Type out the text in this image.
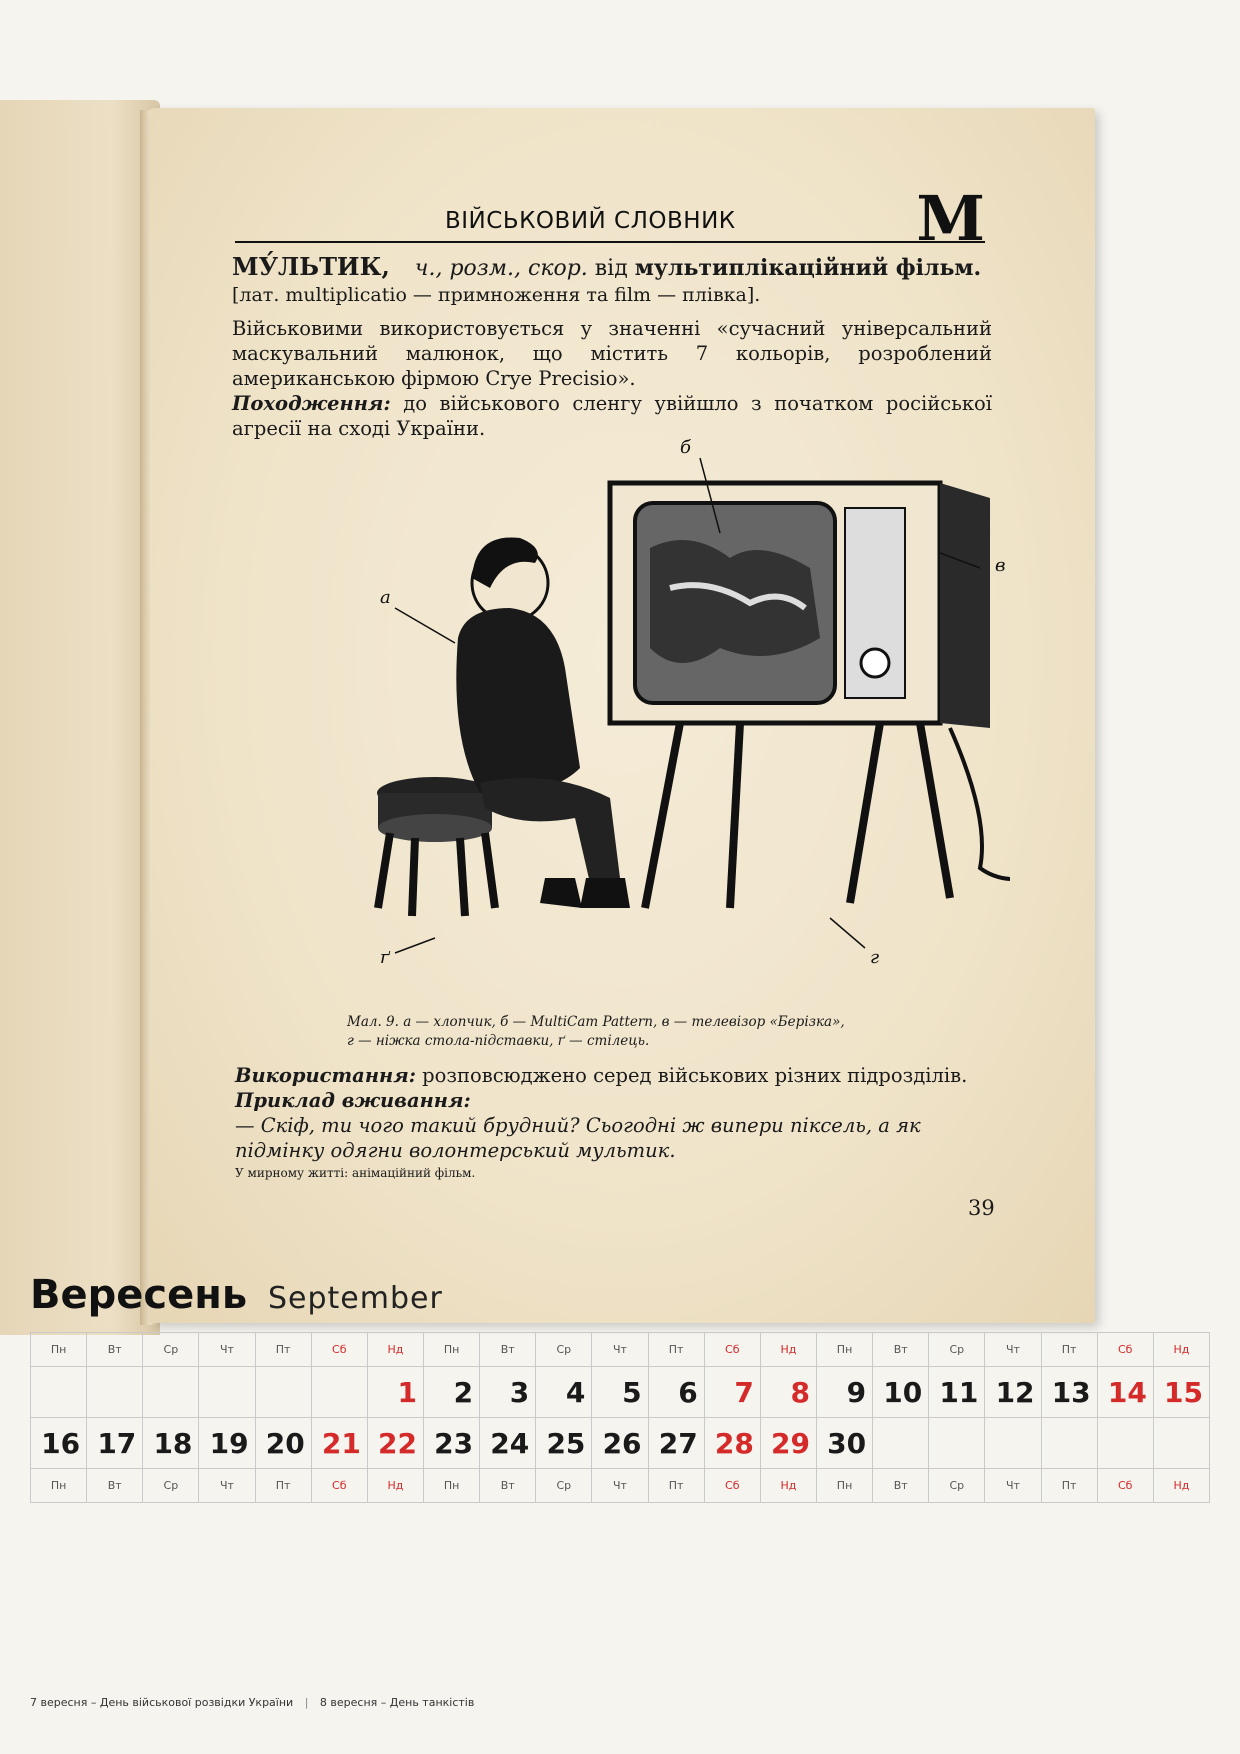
ВІЙСЬКОВИЙ СЛОВНИК	М
МУ́ЛЬТИК, ч., розм., скор. від мультиплікаційний фільм.
[лат. multiplicatio — примноження та film — плівка].
Військовими використовується у значенні «сучасний універсальний маскувальний малюнок, що містить 7 кольорів, розроблений американською фірмою Crye Precisio».
Походження: до військового сленгу увійшло з початком російської агресії на сході України.
а
б
в
г
ґ
Мал. 9. а — хлопчик, б — MultiCam Pattern, в — телевізор «Берізка»,
г — ніжка стола-підставки, ґ — стілець.
Використання: розповсюджено серед військових різних підрозділів.
Приклад вживання:
— Скіф, ти чого такий брудний? Сьогодні ж випери піксель, а як підмінку одягни волонтерський мультик.
У мирному житті: анімаційний фільм.
39
Вересень September
Пн	Вт	Ср	Чт	Пт	Сб	Нд	Пн	Вт	Ср	Чт	Пт	Сб	Нд	Пн	Вт	Ср	Чт	Пт	Сб	Нд
						1	2	3	4	5	6	7	8	9	10	11	12	13	14	15
16	17	18	19	20	21	22	23	24	25	26	27	28	29	30						
Пн	Вт	Ср	Чт	Пт	Сб	Нд	Пн	Вт	Ср	Чт	Пт	Сб	Нд	Пн	Вт	Ср	Чт	Пт	Сб	Нд
7 вересня – День військової розвідки України | 8 вересня – День танкістів
